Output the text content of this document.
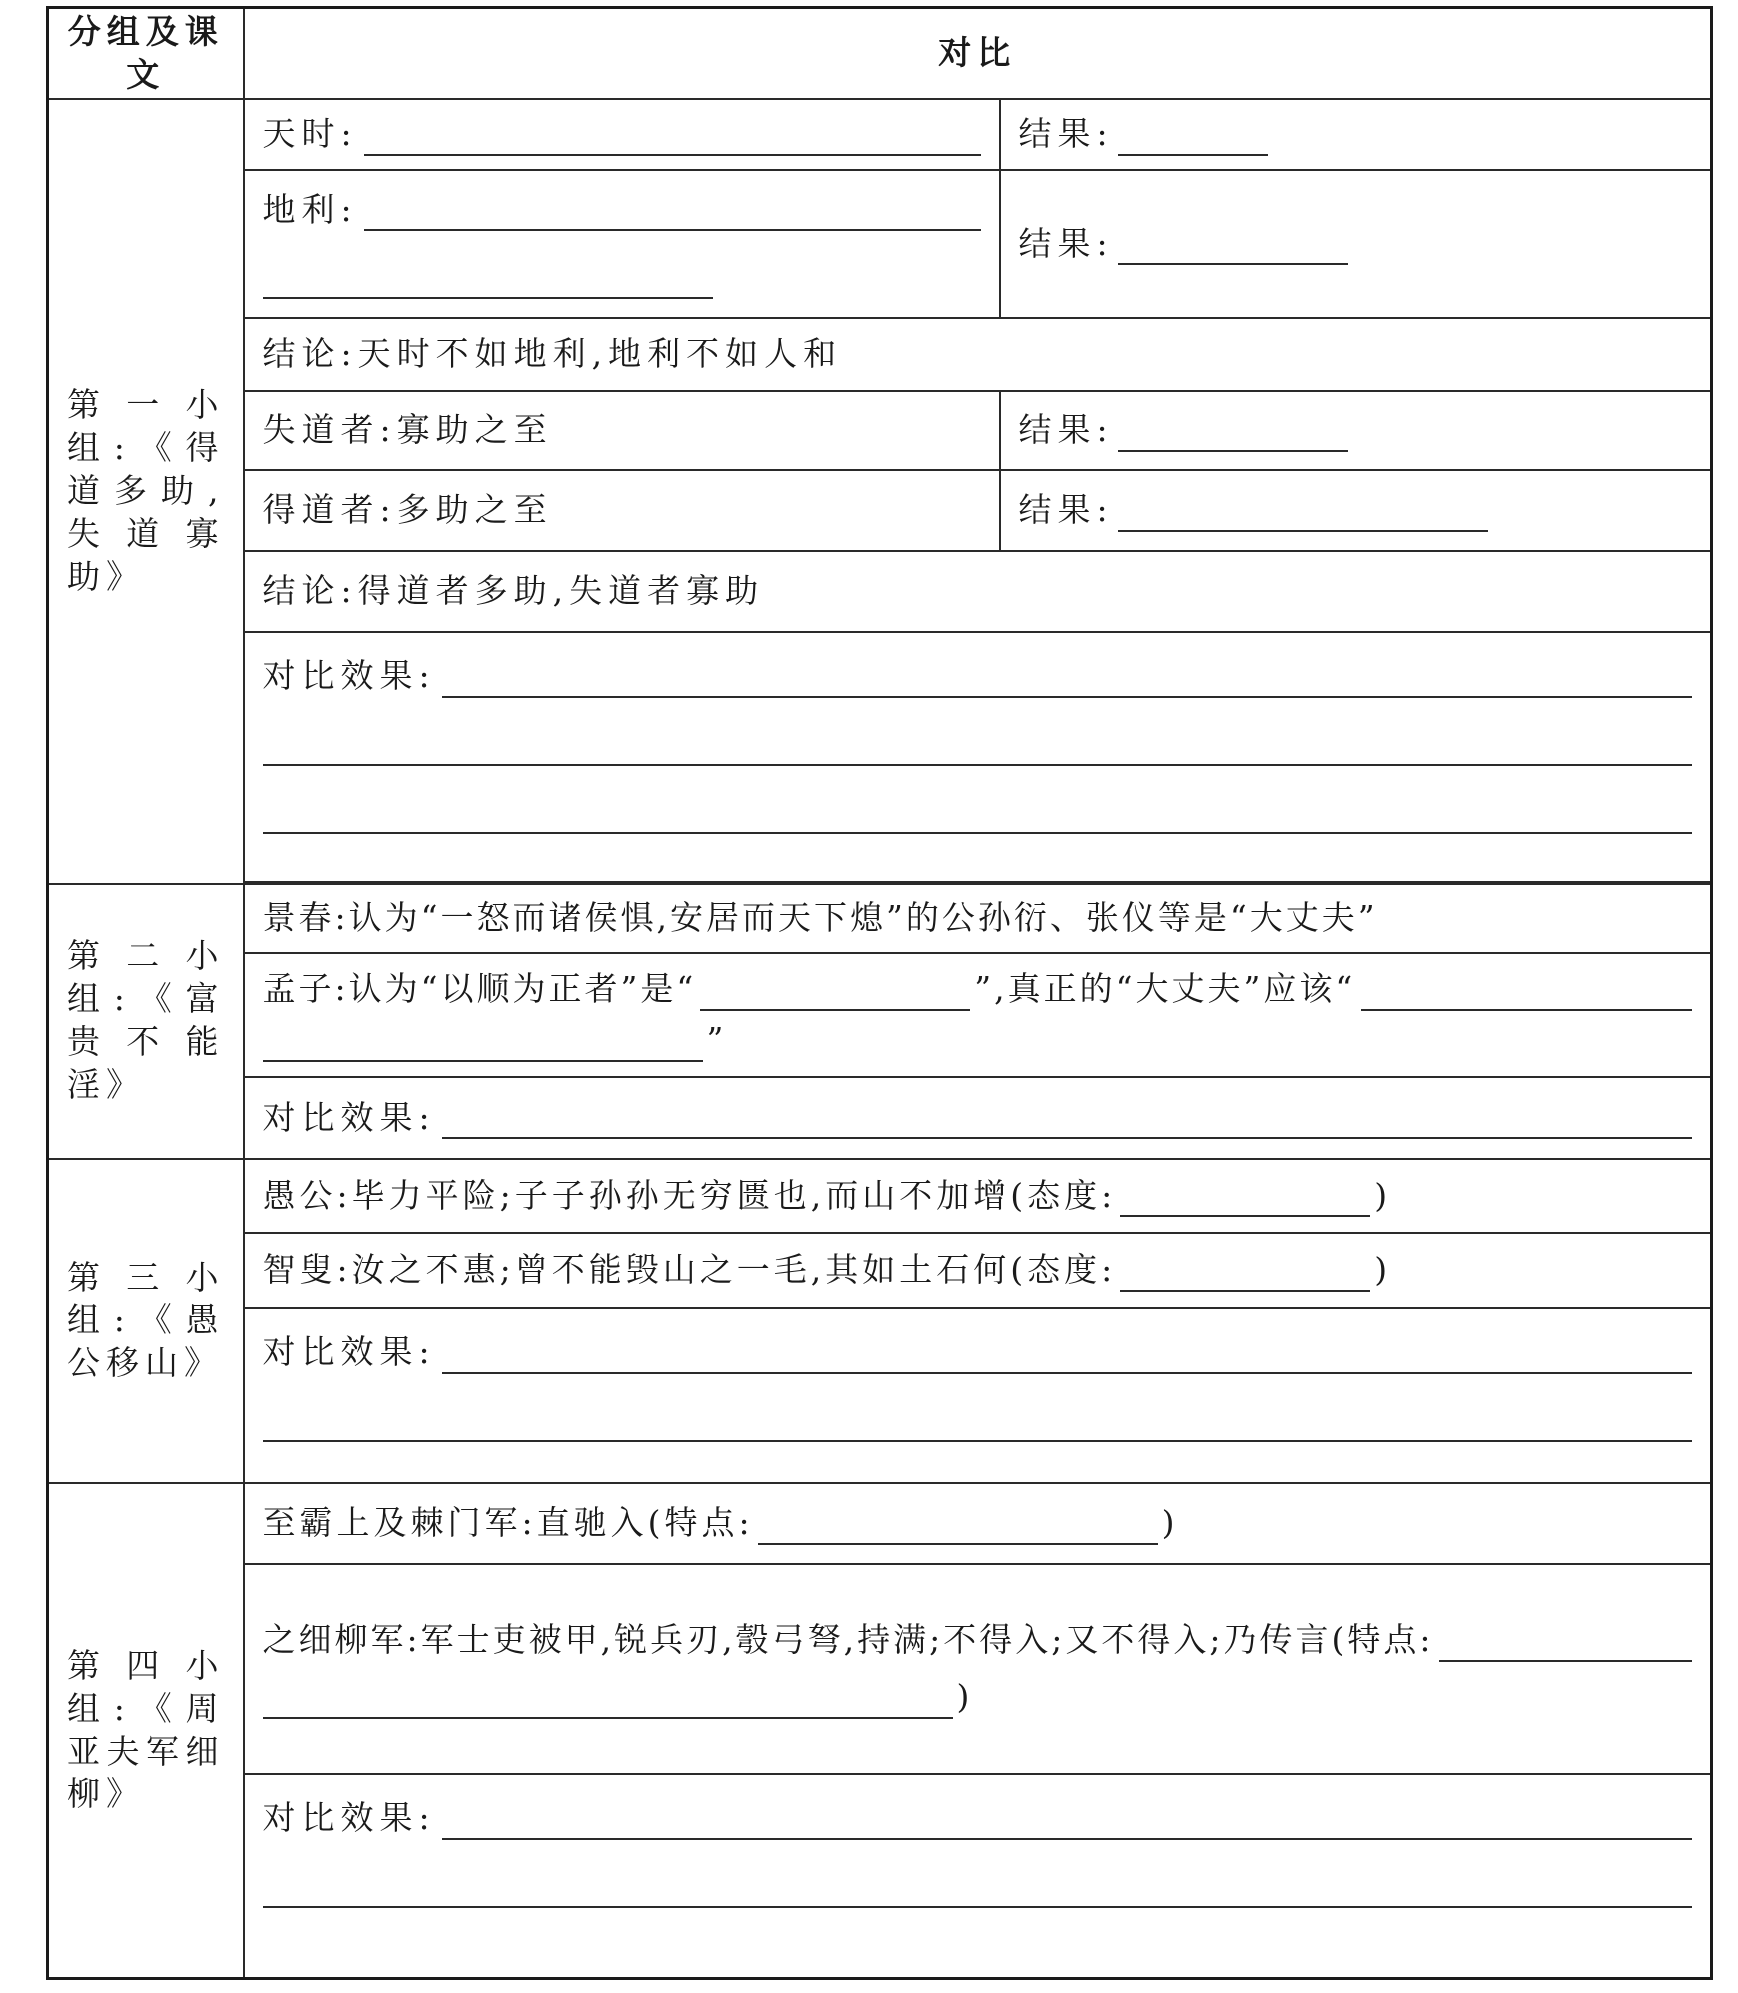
分组及课文	对比	

第一小组:《得道多助,失道寡助》	天时:	结果:

	地利:	结果:
	结论:天时不如地利,地利不如人和	
	失道者:寡助之至	结果:
	得道者:多助之至	结果:
	结论:得道者多助,失道者寡助	

	对比效果:	

第二小组:《富贵不能淫》	景春:认为“一怒而诸侯惧,安居而天下熄”的公孙衍、张仪等是“大丈夫”	

	孟子:认为“以顺为正者”是“ ”,真正的“大丈夫”应该“
”	

	对比效果:	

第三小组:《愚公移山》	愚公:毕力平险;子子孙孙无穷匮也,而山不加增(态度: )	
	智叟:汝之不惠;曾不能毁山之一毛,其如土石何(态度: )	

	对比效果:	

第四小组:《周亚夫军细柳》	至霸上及棘门军:直驰入(特点: )	

	之细柳军:军士吏被甲,锐兵刃,彀弓弩,持满;不得入;又不得入;乃传言(特点:
)	

	对比效果:	
